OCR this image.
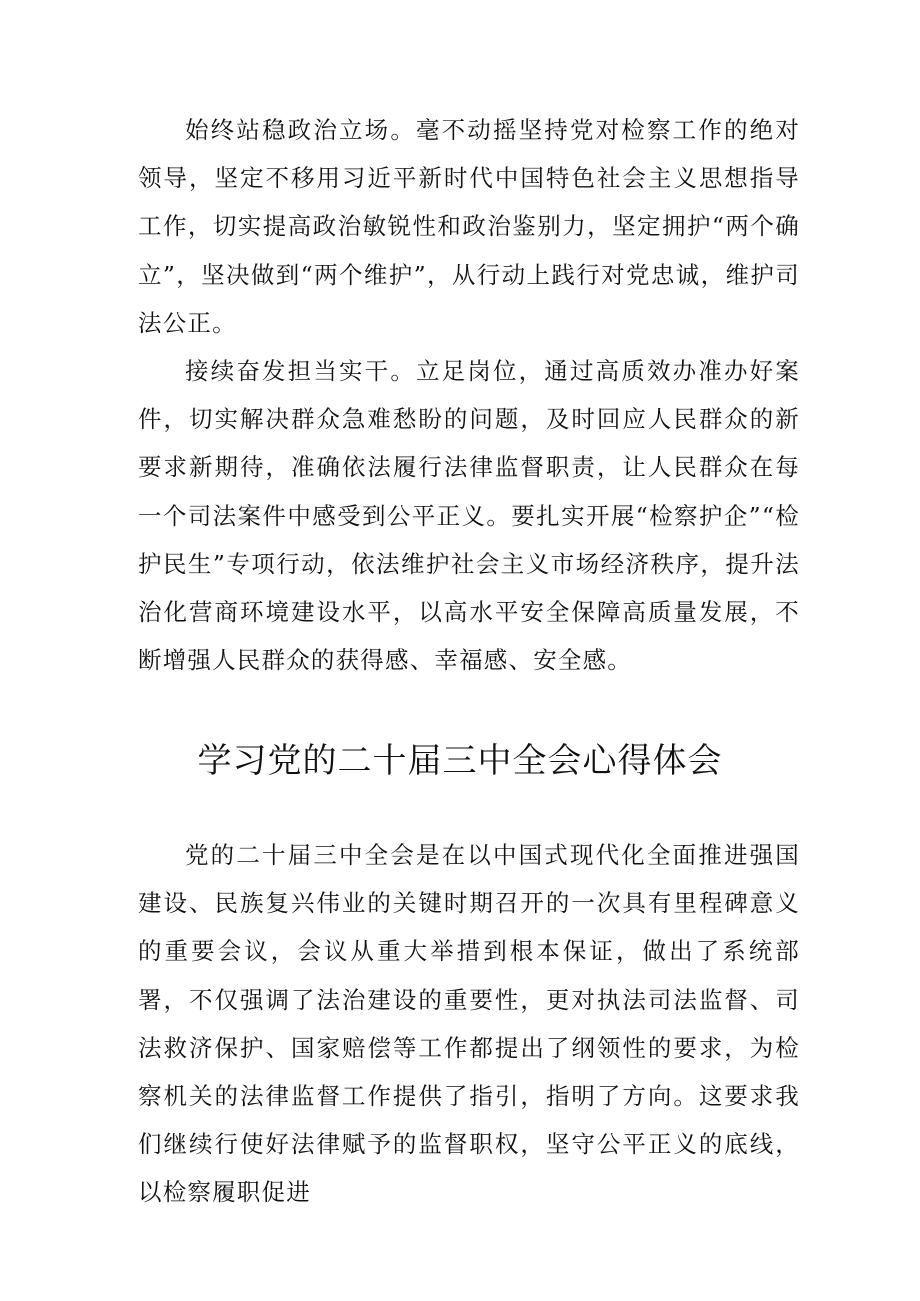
始终站稳政治立场。毫不动摇坚持党对检察工作的绝对领导，坚定不移用习近平新时代中国特色社会主义思想指导工作，切实提高政治敏锐性和政治鉴别力，坚定拥护“两个确立”，坚决做到“两个维护”，从行动上践行对党忠诚，维护司法公正。

接续奋发担当实干。立足岗位，通过高质效办准办好案件，切实解决群众急难愁盼的问题，及时回应人民群众的新要求新期待，准确依法履行法律监督职责，让人民群众在每一个司法案件中感受到公平正义。要扎实开展“检察护企”“检护民生”专项行动，依法维护社会主义市场经济秩序，提升法治化营商环境建设水平，以高水平安全保障高质量发展，不断增强人民群众的获得感、幸福感、安全感。

学习党的二十届三中全会心得体会

党的二十届三中全会是在以中国式现代化全面推进强国建设、民族复兴伟业的关键时期召开的一次具有里程碑意义的重要会议，会议从重大举措到根本保证，做出了系统部署，不仅强调了法治建设的重要性，更对执法司法监督、司法救济保护、国家赔偿等工作都提出了纲领性的要求，为检察机关的法律监督工作提供了指引，指明了方向。这要求我们继续行使好法律赋予的监督职权，坚守公平正义的底线，以检察履职促进
